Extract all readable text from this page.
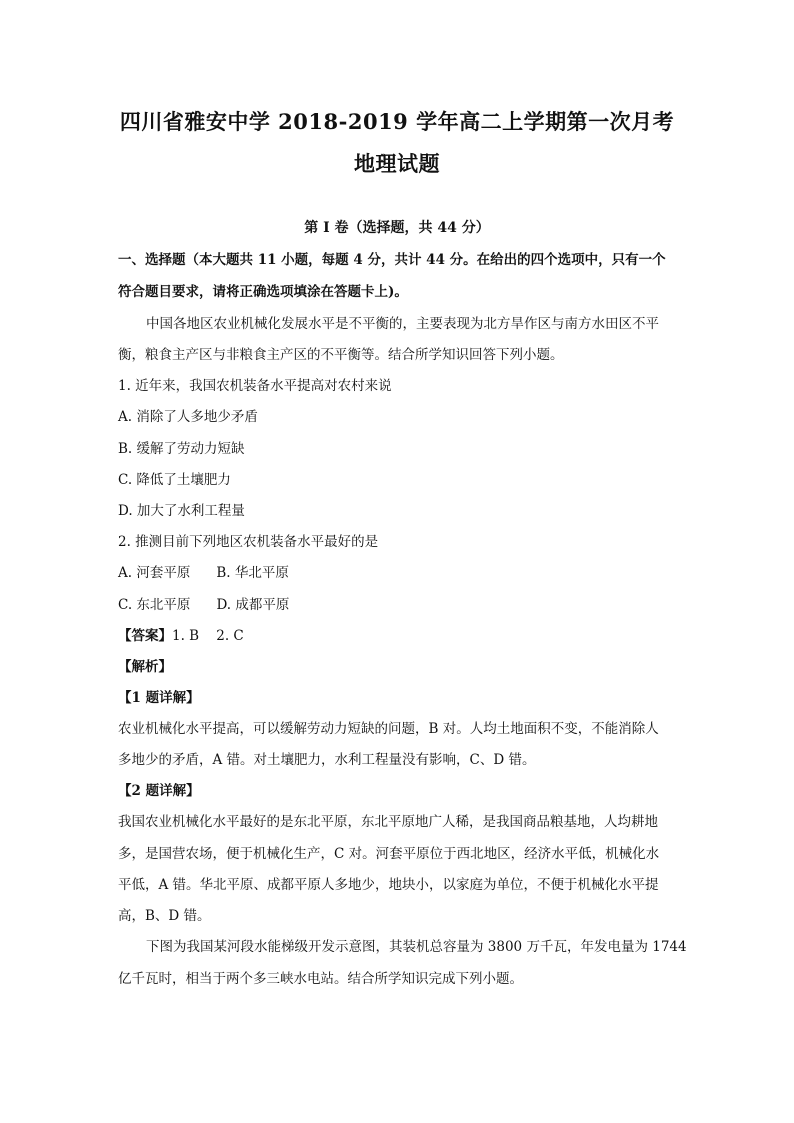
四川省雅安中学 2018-2019 学年高二上学期第一次月考
地理试题
第 I 卷（选择题，共 44 分）
一、选择题（本大题共 11 小题，每题 4 分，共计 44 分。在给出的四个选项中，只有一个
符合题目要求，请将正确选项填涂在答题卡上)。
中国各地区农业机械化发展水平是不平衡的，主要表现为北方旱作区与南方水田区不平
衡，粮食主产区与非粮食主产区的不平衡等。结合所学知识回答下列小题。
1. 近年来，我国农机装备水平提高对农村来说
A. 消除了人多地少矛盾
B. 缓解了劳动力短缺
C. 降低了土壤肥力
D. 加大了水利工程量
2. 推测目前下列地区农机装备水平最好的是
A. 河套平原 B. 华北平原
C. 东北平原 D. 成都平原
【答案】1. B    2. C
【解析】
【1 题详解】
农业机械化水平提高，可以缓解劳动力短缺的问题，B 对。人均土地面积不变，不能消除人
多地少的矛盾，A 错。对土壤肥力，水利工程量没有影响，C、D 错。
【2 题详解】
我国农业机械化水平最好的是东北平原，东北平原地广人稀，是我国商品粮基地，人均耕地
多，是国营农场，便于机械化生产，C 对。河套平原位于西北地区，经济水平低，机械化水
平低，A 错。华北平原、成都平原人多地少，地块小，以家庭为单位，不便于机械化水平提
高，B、D 错。
下图为我国某河段水能梯级开发示意图，其装机总容量为 3800 万千瓦，年发电量为 1744
亿千瓦时，相当于两个多三峡水电站。结合所学知识完成下列小题。
